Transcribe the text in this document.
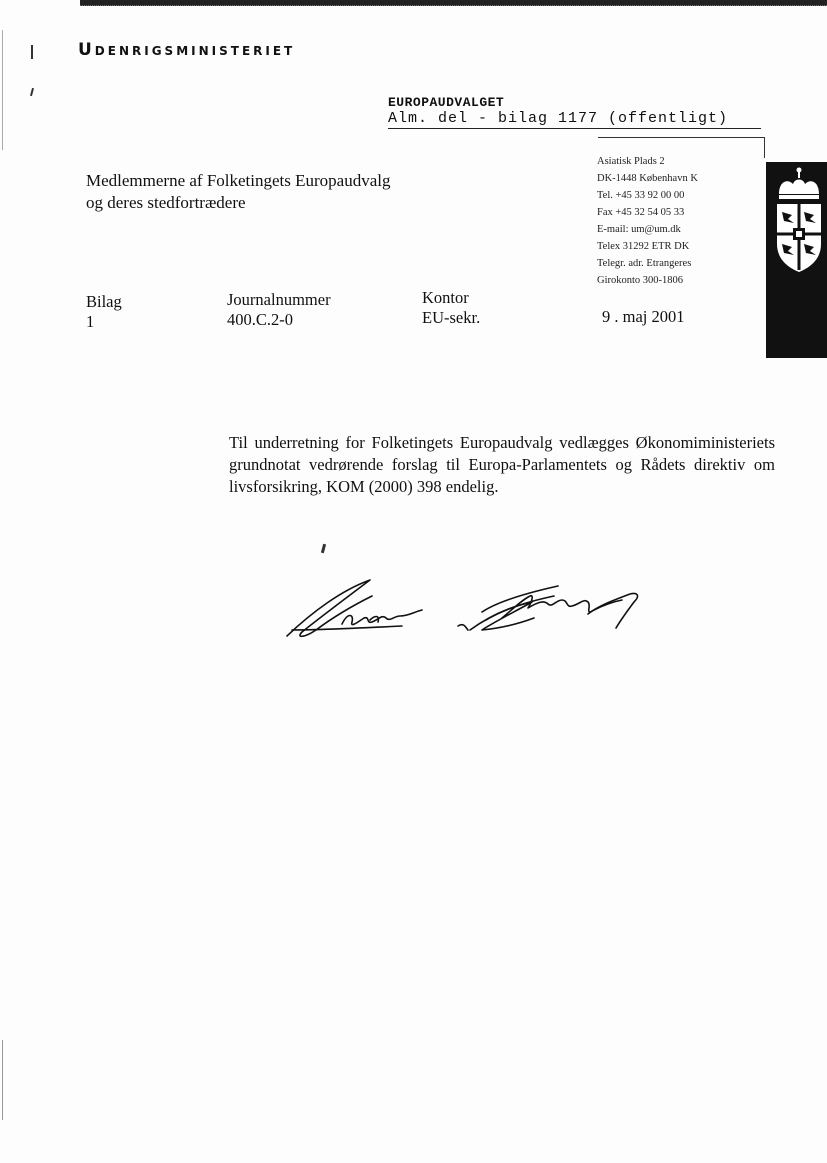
Udenrigsministeriet
EUROPAUDVALGET
Alm. del - bilag 1177 (offentligt)
Asiatisk Plads 2
DK-1448 København K
Tel. +45 33 92 00 00
Fax +45 32 54 05 33
E-mail: um@um.dk
Telex 31292 ETR DK
Telegr. adr. Etrangeres
Girokonto 300-1806
Medlemmerne af Folketingets Europaudvalg
og deres stedfortrædere
Bilag
1
Journalnummer
400.C.2-0
Kontor
EU-sekr.	9 . maj 2001
Til underretning for Folketingets Europaudvalg vedlægges Økonomiministeriets grundnotat vedrørende forslag til Europa-Parlamentets og Rådets direktiv om livsforsikring, KOM (2000) 398 endelig.
